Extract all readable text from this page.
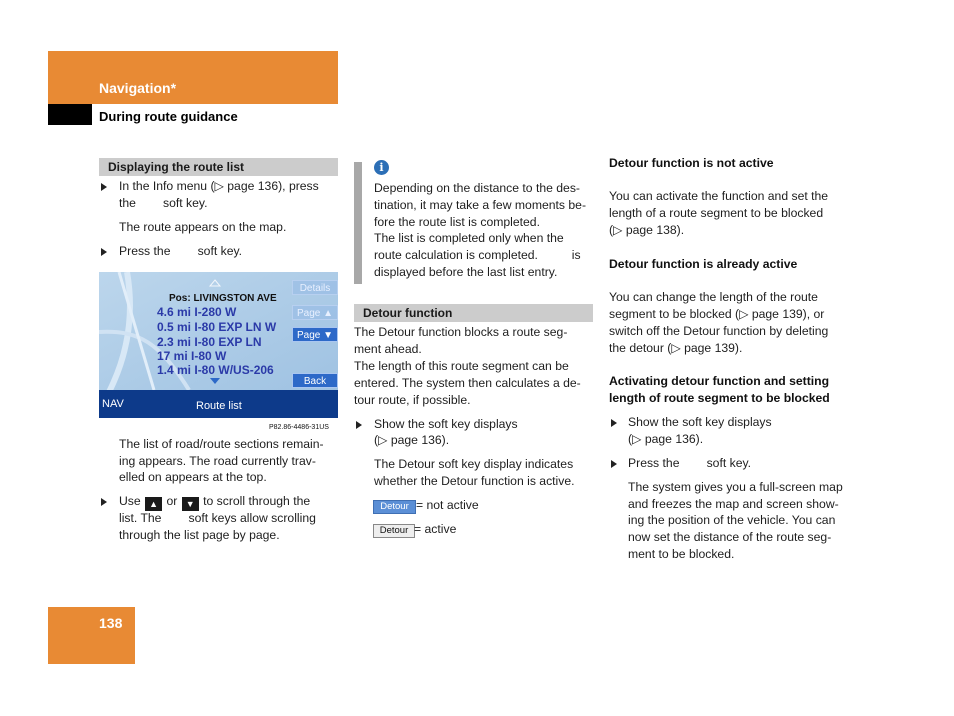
Navigation*
During route guidance
Displaying the route list
In the Info menu (▷ page 136), press
the        soft key.
The route appears on the map.
Press the        soft key.
Pos: LIVINGSTON AVE
4.6 mi I-280 W
0.5 mi I-80 EXP LN W
2.3 mi I-80 EXP LN
17 mi I-80 W
1.4 mi I-80 W/US-206
Details
Page ▲
Page ▼
Back
NAV	Route list
P82.86-4486-31US
The list of road/route sections remain-
ing appears. The road currently trav-
elled on appears at the top.
Use ▲ or ▼ to scroll through the
list. The        soft keys allow scrolling
through the list page by page.
i
Depending on the distance to the des-
tination, it may take a few moments be-
fore the route list is completed.
The list is completed only when the
route calculation is completed.          is
displayed before the last list entry.
Detour function
The Detour function blocks a route seg-
ment ahead.
The length of this route segment can be
entered. The system then calculates a de-
tour route, if possible.
Show the soft key displays
(▷ page 136).
The Detour soft key display indicates
whether the Detour function is active.
Detour = not active
Detour = active
Detour function is not active
You can activate the function and set the
length of a route segment to be blocked
(▷ page 138).
Detour function is already active
You can change the length of the route
segment to be blocked (▷ page 139), or
switch off the Detour function by deleting
the detour (▷ page 139).
Activating detour function and setting
length of route segment to be blocked
Show the soft key displays
(▷ page 136).
Press the        soft key.
The system gives you a full-screen map
and freezes the map and screen show-
ing the position of the vehicle. You can
now set the distance of the route seg-
ment to be blocked.
138
